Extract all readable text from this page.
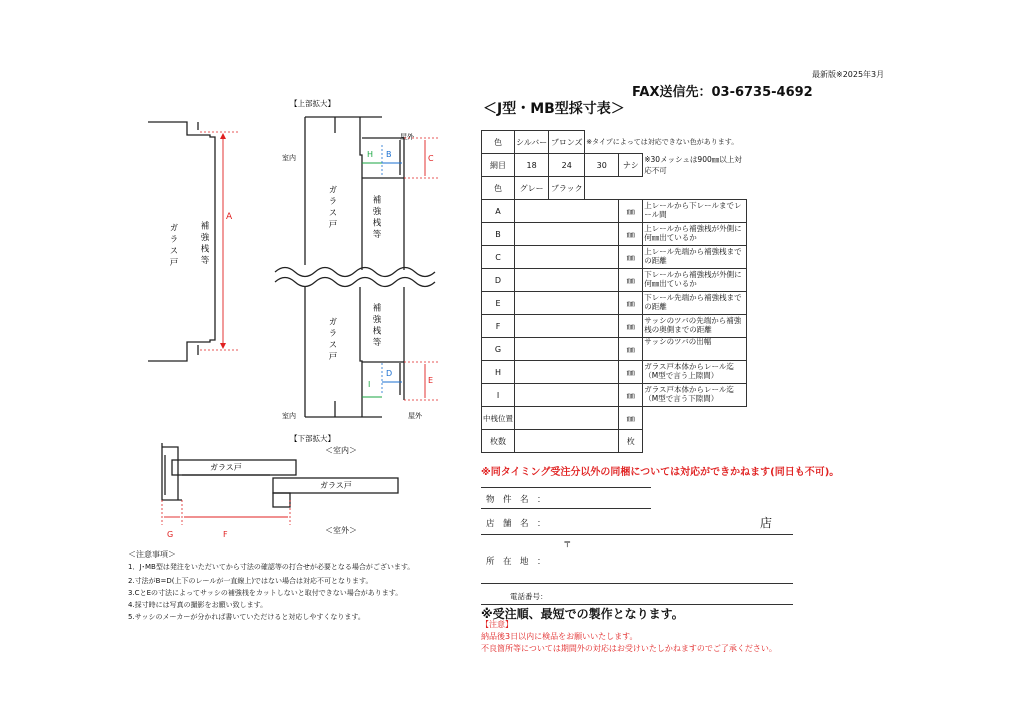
最新版※2025年3月
FAX送信先：03-6735-4692
＜J型・MB型採寸表＞
A
ガラス戸 補強桟等
【上部拡大】
室内
屋外
ガラス戸	補強桟等
H B	C
ガラス戸	補強桟等
D
I	E
室内	屋外
【下部拡大】
＜室内＞
ガラス戸
ガラス戸
G	F	＜室外＞
＜注意事項＞
1．J･MB型は発注をいただいてから寸法の確認等の打合せが必要となる場合がございます。
2.寸法がB=D(上下のレールが一直線上)ではない場合は対応不可となります。
3.CとEの寸法によってサッシの補強桟をカットしないと取付できない場合があります。
4.採寸時には写真の撮影をお願い致します。
5.サッシのメーカーが分かれば書いていただけると対応しやすくなります。
色	シルバー	ブロンズ	※タイプによっては対応できない色があります。		
網目	18	24	30	ナシ	※30メッシュは900㎜以上対応不可
色	グレー	ブラック			
A				㎜	上レールから下レールまでレール間
B				㎜	上レールから補強桟が外側に何㎜出ているか
C				㎜	上レール先端から補強桟までの距離
D				㎜	下レールから補強桟が外側に何㎜出ているか
E				㎜	下レール先端から補強桟までの距離
F				㎜	サッシのツバの先端から補強桟の奥側までの距離
G				㎜	サッシのツバの出幅
H				㎜	ガラス戸本体からレール迄（M型で言う上隙間）
I				㎜	ガラス戸本体からレール迄（M型で言う下隙間）
中桟位置				㎜	
枚数				枚	
※同タイミング受注分以外の同梱については対応ができかねます(同日も不可)。
物　件　名　：
店　舗　名　：	店
〒
所　在　地　：
電話番号：
※受注順、最短での製作となります。
【注意】
納品後3日以内に検品をお願いいたします。
不良箇所等については期間外の対応はお受けいたしかねますのでご了承ください。
